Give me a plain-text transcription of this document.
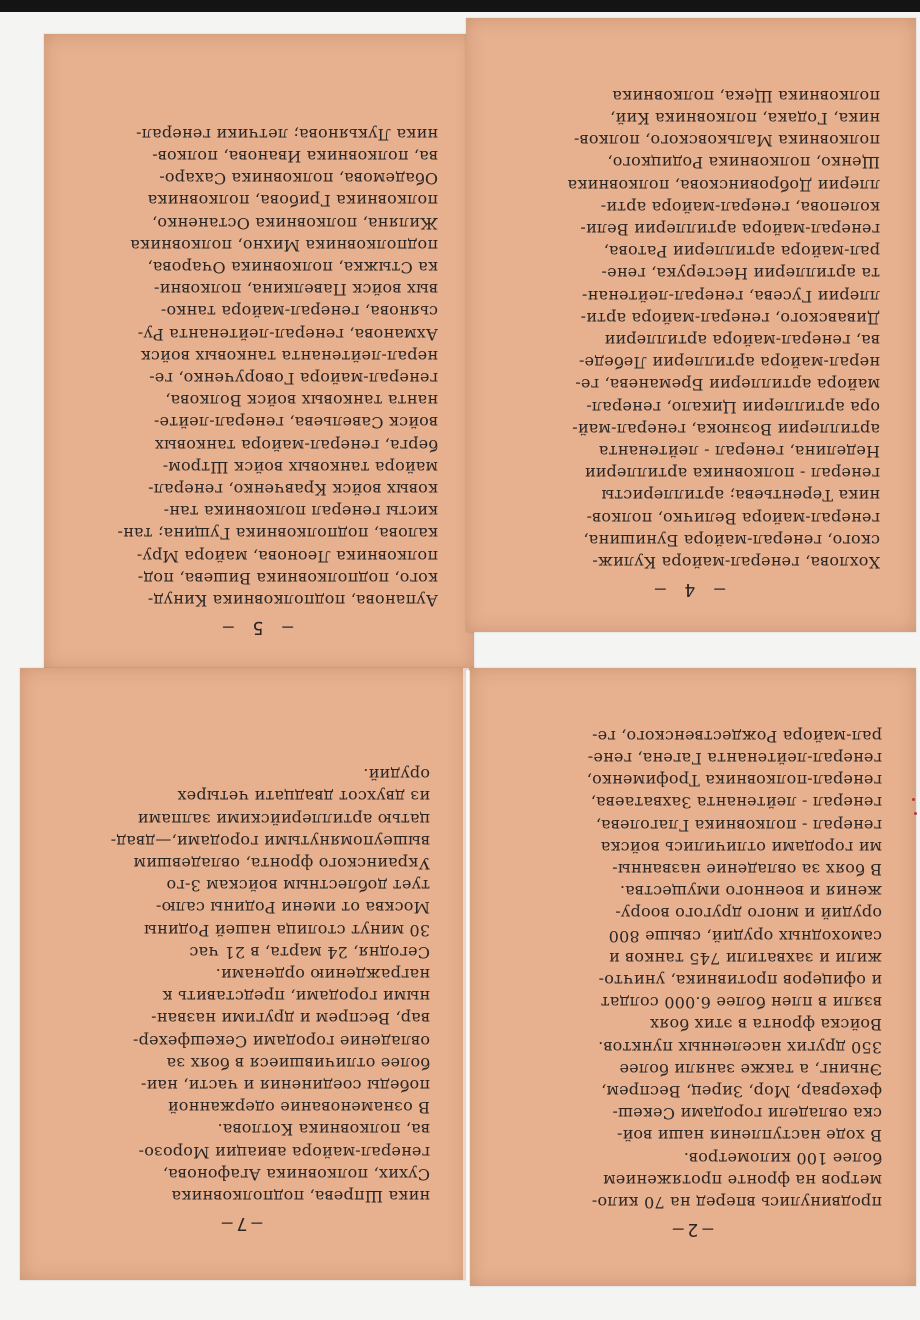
— 5 —
Аупанова, подполковника Кинуд-
кого, подполковника Вишева, под-
полковника Леонова, майора Мру-
калова, подполковника Гущина; тан-
кисты генерал полковника тан-
ковых войск Кравченко, генерал-
майора танковых войск Штром-
берга, генерал-майора танковых
войск Савельева, генерал-лейте-
нанта танковых войск Волкова,
генерал-майора Говорученко, ге-
нерал-лейтенанта танковых войск
Ахманова, генерал-лейтенанта Ру-
сьянова, генерал-майора танко-
вых войск Павелкина, полковни-
ка Стыжка, полковника Очарова,
подполковника Михно, полковника
Жиляна, полковника Останенко,
полковника Грибова, полковника
Обадемова, полковника Сахаро-
ва, полковника Иванова, полков-
ника Лукьянова; летчики генерал-
— 4 —
Хохлова, генерал-майора Кулиж-
ского, генерал-майора Бунишина,
генерал-майора Величко, полков-
ника Терентьева; артиллеристы
генерал - полковника артиллерии
Неделина, генерал - лейтенанта
артиллерии Вознюка, генерал-май-
ора артиллерии Цикало, генерал-
майора артиллерии Бреманева, ге-
нерал-майора артиллерии Лебеде-
ва, генерал-майора артиллерии
Дивавского, генерал-майора арти-
ллерии Гусева, генерал-лейтенан-
та артиллерии Нестерука, гене-
рал-майора артиллерии Ратова,
генерал-майора артиллерии Вели-
колепова, генерал-майора арти-
ллерии Добровинскова, полковника
Щенко, полковника Родицкого,
полковника Мальковского, полков-
ника, Годака, полковника Кий,
полковника Щека, полковника
—7—
ника Шпрева, подполковника
Сухих, полковника Агафонова,
генерал-майора авиации Морозо-
ва, полковника Котлова.
В ознаменование одержанной
победы соединения и части, наи-
более отличившиеся в боях за
овладение городами Секешфехер-
вар, Веспрем и другими назван-
ными городами, представить к
награждению орденами.
Сегодня, 24 марта, в 21 час
30 минут столица нашей Родины
Москва от имени Родины салю-
тует доблестным войскам 3-го
Украинского фронта, овладевшим
вышеупомянутыми городами,—двад-
цатью артиллерийскими залпами
из двухсот двадцати четырех
орудий.
—2—
продвинулись вперед на 70 кило-
метров на фронте протяжением
более 100 километров.
В ходе наступления наши вой-
ска овладели городами Секеш-
фехервар, Мор, Зирец, Веспрем,
Эньинг, а также заняли более
350 других населенных пунктов.
Войска фронта в этих боях
взяли в плен более 6.000 солдат
и офицеров противника, уничто-
жили и захватили 745 танков и
самоходных орудий, свыше 800
орудий и много другого воору-
жения и военного имущества.
В боях за овладение названны-
ми городами отличились войска
генерал - полковника Глаголева,
генерал - лейтенанта Захватаева,
генерал-полковника Трофименко,
генерал-лейтенанта Гагена, гене-
рал-майора Рождественского, ге-
